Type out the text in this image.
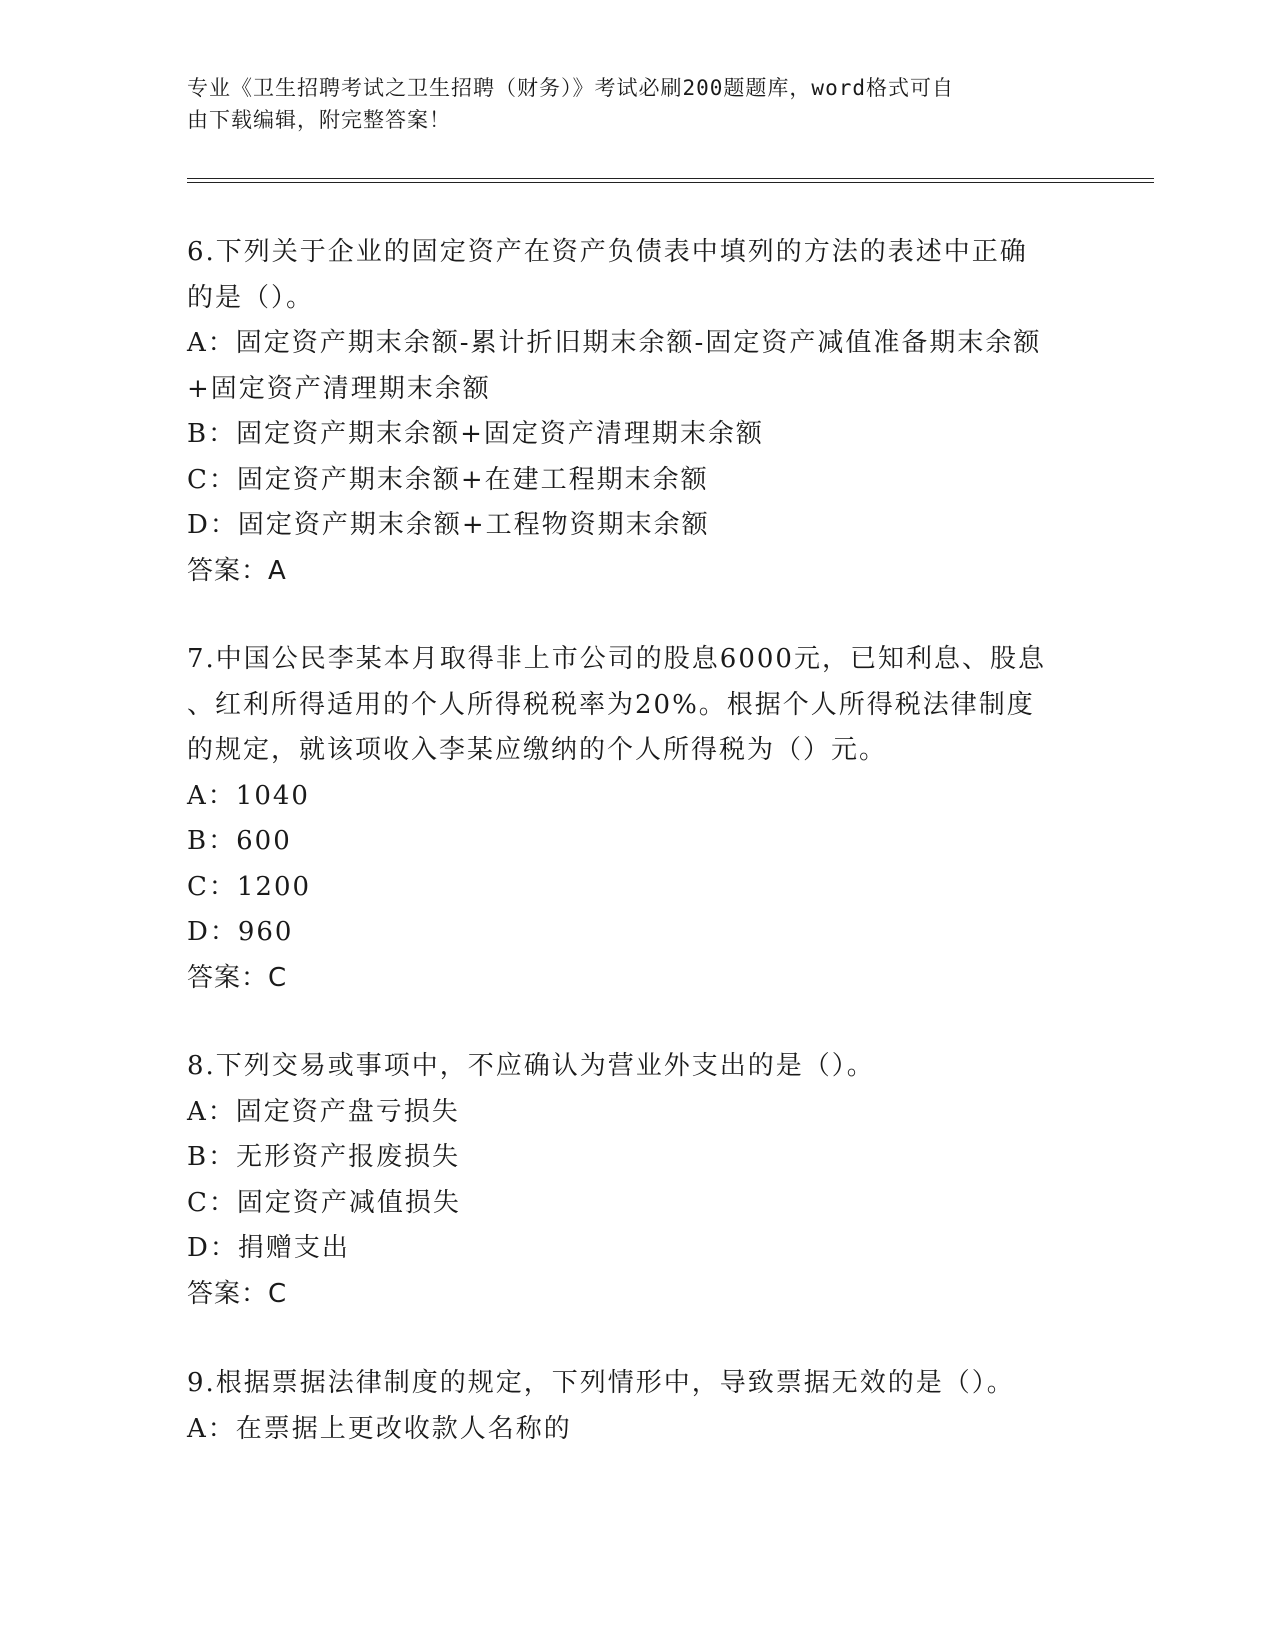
专业《卫生招聘考试之卫生招聘（财务）》考试必刷200题题库，word格式可自
由下载编辑，附完整答案！
6.下列关于企业的固定资产在资产负债表中填列的方法的表述中正确
的是（）。
A：固定资产期末余额-累计折旧期末余额-固定资产减值准备期末余额
+固定资产清理期末余额
B：固定资产期末余额+固定资产清理期末余额
C：固定资产期末余额+在建工程期末余额
D：固定资产期末余额+工程物资期末余额
答案：A
7.中国公民李某本月取得非上市公司的股息6000元，已知利息、股息
、红利所得适用的个人所得税税率为20%。根据个人所得税法律制度
的规定，就该项收入李某应缴纳的个人所得税为（）元。
A：1040
B：600
C：1200
D：960
答案：C
8.下列交易或事项中，不应确认为营业外支出的是（）。
A：固定资产盘亏损失
B：无形资产报废损失
C：固定资产减值损失
D：捐赠支出
答案：C
9.根据票据法律制度的规定，下列情形中，导致票据无效的是（）。
A：在票据上更改收款人名称的
